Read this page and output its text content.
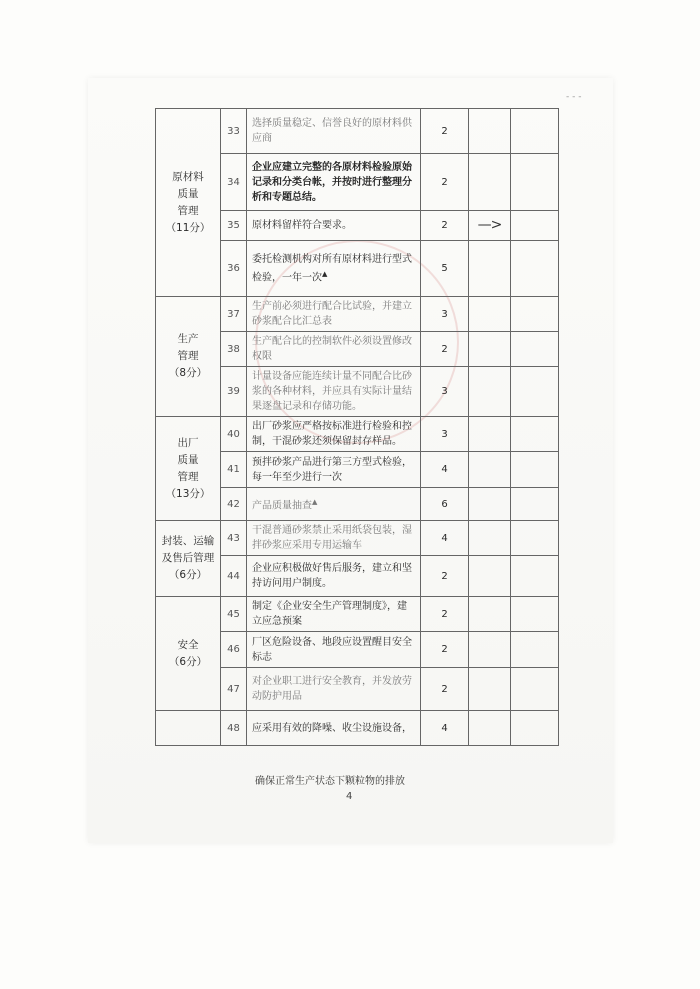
- - -
原材料
质量
管理
（11分）	33	选择质量稳定、信誉良好的原材料供应商	2		
	34	企业应建立完整的各原材料检验原始记录和分类台帐，并按时进行整理分析和专题总结。	2		
	35	原材料留样符合要求。	2	—>	
	36	委托检测机构对所有原材料进行型式检验，一年一次▲	5		
生产
管理
（8分）	37	生产前必须进行配合比试验，并建立砂浆配合比汇总表	3		
	38	生产配合比的控制软件必须设置修改权限	2		
	39	计量设备应能连续计量不同配合比砂浆的各种材料，并应具有实际计量结果逐盘记录和存储功能。	3		
出厂
质量
管理
（13分）	40	出厂砂浆应严格按标准进行检验和控制，干混砂浆还须保留封存样品。	3		
	41	预拌砂浆产品进行第三方型式检验，每一年至少进行一次	4		
	42	产品质量抽查▲	6		
封装、运输
及售后管理
（6分）	43	干混普通砂浆禁止采用纸袋包装，湿拌砂浆应采用专用运输车	4		
	44	企业应积极做好售后服务，建立和坚持访问用户制度。	2		
安全
（6分）	45	制定《企业安全生产管理制度》，建立应急预案	2		
	46	厂区危险设备、地段应设置醒目安全标志	2		
	47	对企业职工进行安全教育，并发放劳动防护用品	2		
	48	应采用有效的降噪、收尘设施设备，	4		
确保正常生产状态下颗粒物的排放
4
